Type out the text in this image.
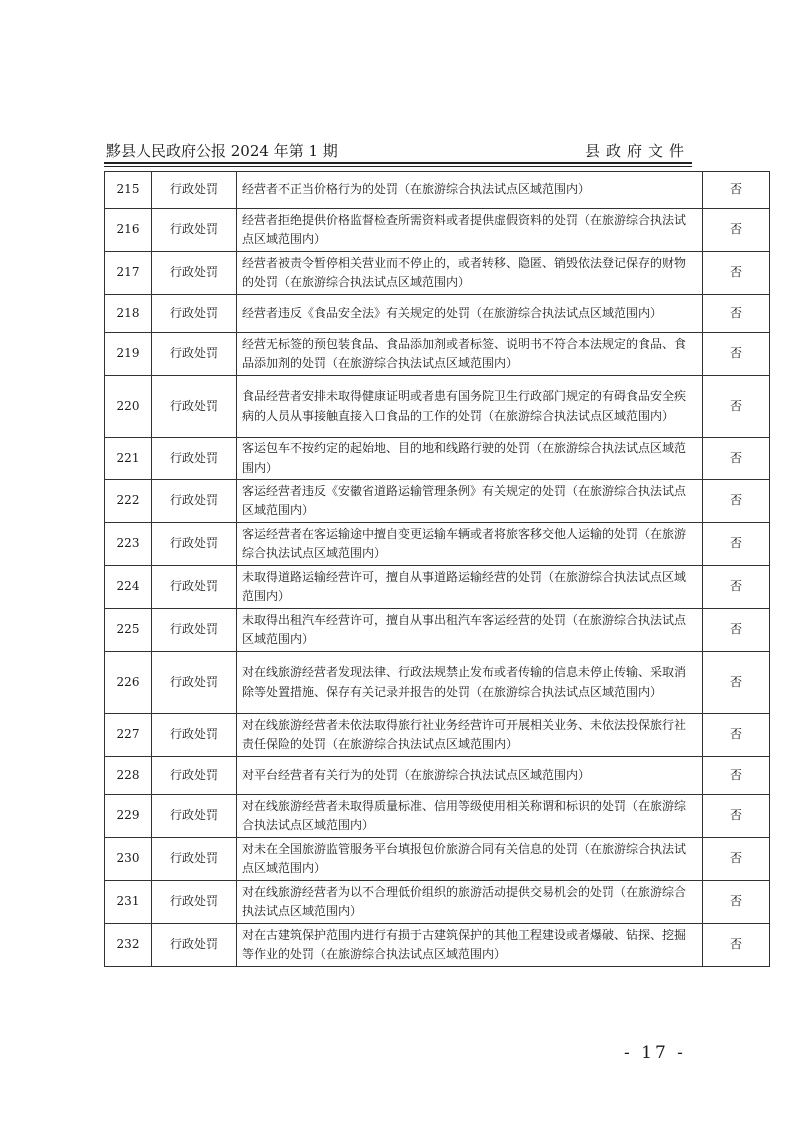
黟县人民政府公报 2024 年第 1 期	县政府文件
215	行政处罚	经营者不正当价格行为的处罚（在旅游综合执法试点区域范围内）	否
216	行政处罚	经营者拒绝提供价格监督检查所需资料或者提供虚假资料的处罚（在旅游综合执法试点区域范围内）	否
217	行政处罚	经营者被责令暂停相关营业而不停止的，或者转移、隐匿、销毁依法登记保存的财物的处罚（在旅游综合执法试点区域范围内）	否
218	行政处罚	经营者违反《食品安全法》有关规定的处罚（在旅游综合执法试点区域范围内）	否
219	行政处罚	经营无标签的预包装食品、食品添加剂或者标签、说明书不符合本法规定的食品、食品添加剂的处罚（在旅游综合执法试点区域范围内）	否
220	行政处罚	食品经营者安排未取得健康证明或者患有国务院卫生行政部门规定的有碍食品安全疾病的人员从事接触直接入口食品的工作的处罚（在旅游综合执法试点区域范围内）	否
221	行政处罚	客运包车不按约定的起始地、目的地和线路行驶的处罚（在旅游综合执法试点区域范围内）	否
222	行政处罚	客运经营者违反《安徽省道路运输管理条例》有关规定的处罚（在旅游综合执法试点区域范围内）	否
223	行政处罚	客运经营者在客运输途中擅自变更运输车辆或者将旅客移交他人运输的处罚（在旅游综合执法试点区域范围内）	否
224	行政处罚	未取得道路运输经营许可，擅自从事道路运输经营的处罚（在旅游综合执法试点区域范围内）	否
225	行政处罚	未取得出租汽车经营许可，擅自从事出租汽车客运经营的处罚（在旅游综合执法试点区域范围内）	否
226	行政处罚	对在线旅游经营者发现法律、行政法规禁止发布或者传输的信息未停止传输、采取消除等处置措施、保存有关记录并报告的处罚（在旅游综合执法试点区域范围内）	否
227	行政处罚	对在线旅游经营者未依法取得旅行社业务经营许可开展相关业务、未依法投保旅行社责任保险的处罚（在旅游综合执法试点区域范围内）	否
228	行政处罚	对平台经营者有关行为的处罚（在旅游综合执法试点区域范围内）	否
229	行政处罚	对在线旅游经营者未取得质量标准、信用等级使用相关称谓和标识的处罚（在旅游综合执法试点区域范围内）	否
230	行政处罚	对未在全国旅游监管服务平台填报包价旅游合同有关信息的处罚（在旅游综合执法试点区域范围内）	否
231	行政处罚	对在线旅游经营者为以不合理低价组织的旅游活动提供交易机会的处罚（在旅游综合执法试点区域范围内）	否
232	行政处罚	对在古建筑保护范围内进行有损于古建筑保护的其他工程建设或者爆破、钻探、挖掘等作业的处罚（在旅游综合执法试点区域范围内）	否
- 17 -
